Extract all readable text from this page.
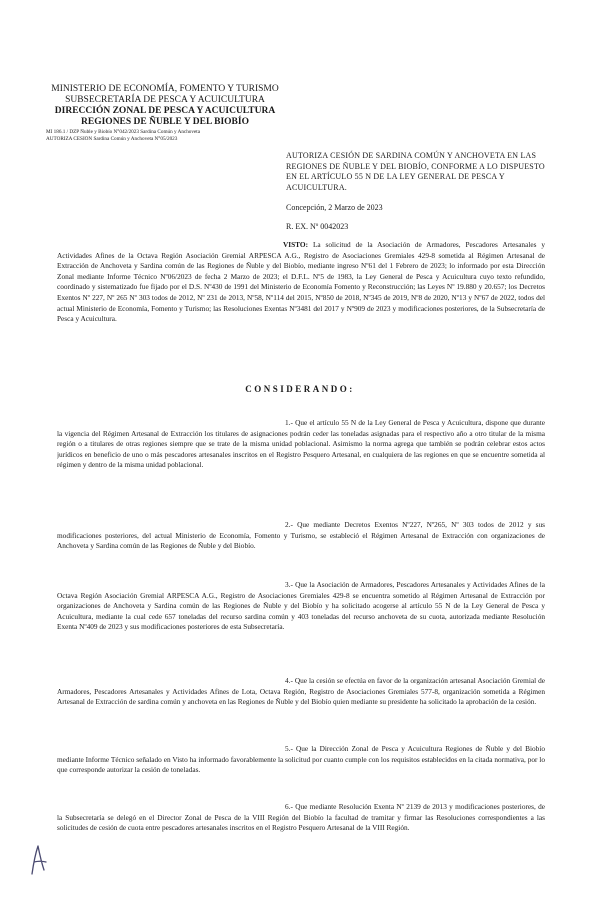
MINISTERIO DE ECONOMÍA, FOMENTO Y TURISMO
SUBSECRETARÍA DE PESCA Y ACUICULTURA
DIRECCIÓN ZONAL DE PESCA Y ACUICULTURA
REGIONES DE ÑUBLE Y DEL BIOBÍO
MI 186.1 / DZP Ñuble y Biobío N°042/2023 Sardina Común y Anchoveta
AUTORIZA CESIÓN Sardina Común y Anchoveta N°05/2023
AUTORIZA CESIÓN DE SARDINA COMÚN Y ANCHOVETA EN LAS
REGIONES DE ÑUBLE Y DEL BIOBÍO, CONFORME A LO DISPUESTO
EN EL ARTÍCULO 55 N DE LA LEY GENERAL DE PESCA Y
ACUICULTURA.
Concepción, 2 Marzo de 2023
R. EX. Nº 0042023
VISTO: La solicitud de la Asociación de Armadores, Pescadores Artesanales y Actividades Afines de la Octava Región Asociación Gremial ARPESCA A.G., Registro de Asociaciones Gremiales 429-8 sometida al Régimen Artesanal de Extracción de Anchoveta y Sardina común de las Regiones de Ñuble y del Biobío, mediante ingreso Nº61 del 1 Febrero de 2023; lo informado por esta Dirección Zonal mediante Informe Técnico Nº06/2023 de fecha 2 Marzo de 2023; el D.F.L. Nº5 de 1983, la Ley General de Pesca y Acuicultura cuyo texto refundido, coordinado y sistematizado fue fijado por el D.S. Nº430 de 1991 del Ministerio de Economía Fomento y Reconstrucción; las Leyes Nº 19.880 y 20.657; los Decretos Exentos Nº 227, Nº 265 Nº 303 todos de 2012, Nº 231 de 2013, Nº58, Nº114 del 2015, Nº850 de 2018, Nº345 de 2019, Nº8 de 2020, Nº13 y Nº67 de 2022, todos del actual Ministerio de Economía, Fomento y Turismo; las Resoluciones Exentas Nº3481 del 2017 y Nº909 de 2023 y modificaciones posteriores, de la Subsecretaría de Pesca y Acuicultura.
CONSIDERANDO:
1.- Que el artículo 55 N de la Ley General de Pesca y Acuicultura, dispone que durante la vigencia del Régimen Artesanal de Extracción los titulares de asignaciones podrán ceder las toneladas asignadas para el respectivo año a otro titular de la misma región o a titulares de otras regiones siempre que se trate de la misma unidad poblacional. Asimismo la norma agrega que también se podrán celebrar estos actos jurídicos en beneficio de uno o más pescadores artesanales inscritos en el Registro Pesquero Artesanal, en cualquiera de las regiones en que se encuentre sometida al régimen y dentro de la misma unidad poblacional.
2.- Que mediante Decretos Exentos Nº227, Nº265, Nº 303 todos de 2012 y sus modificaciones posteriores, del actual Ministerio de Economía, Fomento y Turismo, se estableció el Régimen Artesanal de Extracción con organizaciones de Anchoveta y Sardina común de las Regiones de Ñuble y del Biobío.
3.- Que la Asociación de Armadores, Pescadores Artesanales y Actividades Afines de la Octava Región Asociación Gremial ARPESCA A.G., Registro de Asociaciones Gremiales 429-8 se encuentra sometido al Régimen Artesanal de Extracción por organizaciones de Anchoveta y Sardina común de las Regiones de Ñuble y del Biobío y ha solicitado acogerse al artículo 55 N de la Ley General de Pesca y Acuicultura, mediante la cual cede 657 toneladas del recurso sardina común y 403 toneladas del recurso anchoveta de su cuota, autorizada mediante Resolución Exenta Nº409 de 2023 y sus modificaciones posteriores de esta Subsecretaría.
4.- Que la cesión se efectúa en favor de la organización artesanal Asociación Gremial de Armadores, Pescadores Artesanales y Actividades Afines de Lota, Octava Región, Registro de Asociaciones Gremiales 577-8, organización sometida a Régimen Artesanal de Extracción de sardina común y anchoveta en las Regiones de Ñuble y del Biobío quien mediante su presidente ha solicitado la aprobación de la cesión.
5.- Que la Dirección Zonal de Pesca y Acuicultura Regiones de Ñuble y del Biobío mediante Informe Técnico señalado en Visto ha informado favorablemente la solicitud por cuanto cumple con los requisitos establecidos en la citada normativa, por lo que corresponde autorizar la cesión de toneladas.
6.- Que mediante Resolución Exenta Nº 2139 de 2013 y modificaciones posteriores, de la Subsecretaría se delegó en el Director Zonal de Pesca de la VIII Región del Biobío la facultad de tramitar y firmar las Resoluciones correspondientes a las solicitudes de cesión de cuota entre pescadores artesanales inscritos en el Registro Pesquero Artesanal de la VIII Región.
